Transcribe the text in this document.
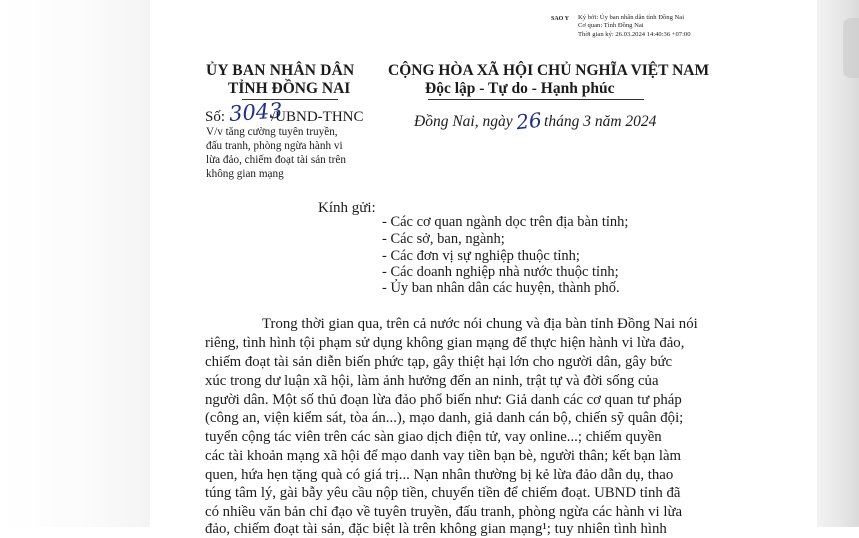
SAO Y Ký bởi: Ủy ban nhân dân tỉnh Đồng Nai
Cơ quan: Tỉnh Đồng Nai
Thời gian ký: 26.03.2024 14:40:36 +07:00
ỦY BAN NHÂN DÂN
TỈNH ĐỒNG NAI
CỘNG HÒA XÃ HỘI CHỦ NGHĨA VIỆT NAM
Độc lập - Tự do - Hạnh phúc
Số: 3043
/UBND-THNC	Đồng Nai, ngày 26 tháng 3 năm 2024
V/v tăng cường tuyên truyền,
đấu tranh, phòng ngừa hành vi
lừa đảo, chiếm đoạt tài sản trên
không gian mạng
Kính gửi:
- Các cơ quan ngành dọc trên địa bàn tỉnh;
- Các sở, ban, ngành;
- Các đơn vị sự nghiệp thuộc tỉnh;
- Các doanh nghiệp nhà nước thuộc tỉnh;
- Ủy ban nhân dân các huyện, thành phố.
Trong thời gian qua, trên cả nước nói chung và địa bàn tỉnh Đồng Nai nói
riêng, tình hình tội phạm sử dụng không gian mạng để thực hiện hành vi lừa đảo,
chiếm đoạt tài sản diễn biến phức tạp, gây thiệt hại lớn cho người dân, gây bức
xúc trong dư luận xã hội, làm ảnh hưởng đến an ninh, trật tự và đời sống của
người dân. Một số thủ đoạn lừa đảo phổ biến như: Giả danh các cơ quan tư pháp
(công an, viện kiểm sát, tòa án...), mạo danh, giả danh cán bộ, chiến sỹ quân đội;
tuyển cộng tác viên trên các sàn giao dịch điện tử, vay online...; chiếm quyền
các tài khoản mạng xã hội để mạo danh vay tiền bạn bè, người thân; kết bạn làm
quen, hứa hẹn tặng quà có giá trị... Nạn nhân thường bị kẻ lừa đảo dẫn dụ, thao
túng tâm lý, gài bẫy yêu cầu nộp tiền, chuyển tiền để chiếm đoạt. UBND tỉnh đã
có nhiều văn bản chỉ đạo về tuyên truyền, đấu tranh, phòng ngừa các hành vi lừa
đảo, chiếm đoạt tài sản, đặc biệt là trên không gian mạng¹; tuy nhiên tình hình
